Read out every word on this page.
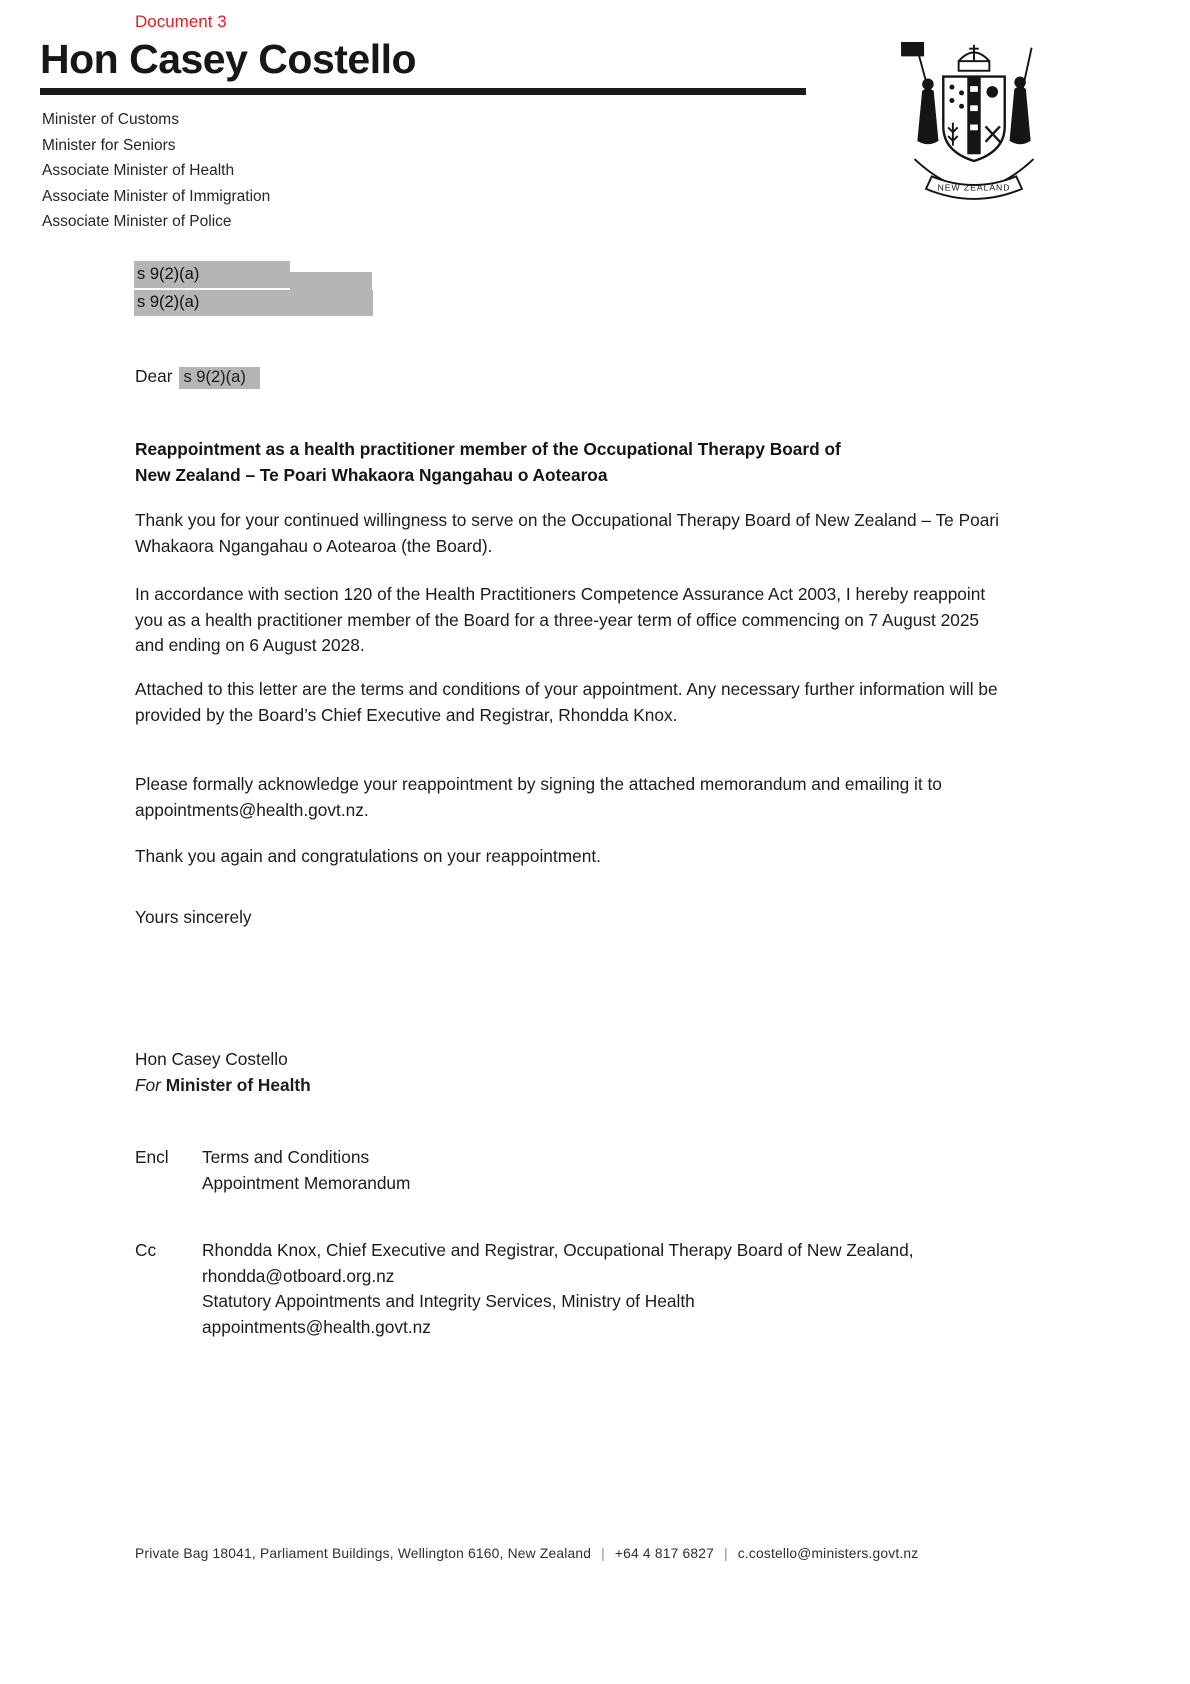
Document 3
Hon Casey Costello
Minister of Customs
Minister for Seniors
Associate Minister of Health
Associate Minister of Immigration
Associate Minister of Police
NEW ZEALAND
s 9(2)(a)
s 9(2)(a)
Dear s 9(2)(a)
Reappointment as a health practitioner member of the Occupational Therapy Board of
New Zealand – Te Poari Whakaora Ngangahau o Aotearoa

Thank you for your continued willingness to serve on the Occupational Therapy Board of New Zealand – Te Poari Whakaora Ngangahau o Aotearoa (the Board).

In accordance with section 120 of the Health Practitioners Competence Assurance Act 2003, I hereby reappoint you as a health practitioner member of the Board for a three-year term of office commencing on 7 August 2025 and ending on 6 August 2028.

Attached to this letter are the terms and conditions of your appointment. Any necessary further information will be provided by the Board’s Chief Executive and Registrar, Rhondda Knox.

Please formally acknowledge your reappointment by signing the attached memorandum and emailing it to appointments@health.govt.nz.

Thank you again and congratulations on your reappointment.

Yours sincerely
Hon Casey Costello
For Minister of Health
Encl	Terms and Conditions
Appointment Memorandum
Cc	Rhondda Knox, Chief Executive and Registrar, Occupational Therapy Board of New Zealand, rhondda@otboard.org.nz
Statutory Appointments and Integrity Services, Ministry of Health
appointments@health.govt.nz
Private Bag 18041, Parliament Buildings, Wellington 6160, New Zealand | +64 4 817 6827 | c.costello@ministers.govt.nz
